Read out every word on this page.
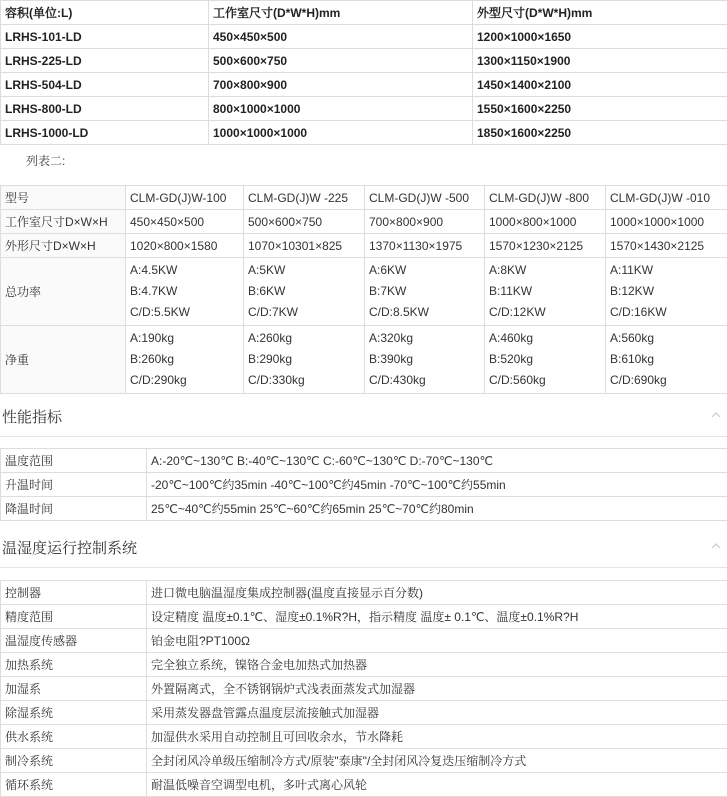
容积(单位:L)	工作室尺寸(D*W*H)mm	外型尺寸(D*W*H)mm
LRHS-101-LD	450×450×500	1200×1000×1650
LRHS-225-LD	500×600×750	1300×1150×1900
LRHS-504-LD	700×800×900	1450×1400×2100
LRHS-800-LD	800×1000×1000	1550×1600×2250
LRHS-1000-LD	1000×1000×1000	1850×1600×2250
列表二:
型号	CLM-GD(J)W-100	CLM-GD(J)W -225	CLM-GD(J)W -500	CLM-GD(J)W -800	CLM-GD(J)W -010
工作室尺寸D×W×H	450×450×500	500×600×750	700×800×900	1000×800×1000	1000×1000×1000
外形尺寸D×W×H	1020×800×1580	1070×10301×825	1370×1130×1975	1570×1230×2125	1570×1430×2125
总功率	A:4.5KW
B:4.7KW
C/D:5.5KW	A:5KW
B:6KW
C/D:7KW	A:6KW
B:7KW
C/D:8.5KW	A:8KW
B:11KW
C/D:12KW	A:11KW
B:12KW
C/D:16KW

净重	A:190kg
B:260kg
C/D:290kg	A:260kg
B:290kg
C/D:330kg	A:320kg
B:390kg
C/D:430kg	A:460kg
B:520kg
C/D:560kg	A:560kg
B:610kg
C/D:690kg
性能指标
温度范围	A:-20℃~130℃ B:-40℃~130℃ C:-60℃~130℃ D:-70℃~130℃
升温时间	-20℃~100℃约35min -40℃~100℃约45min -70℃~100℃约55min
降温时间	25℃~40℃约55min 25℃~60℃约65min 25℃~70℃约80min
温湿度运行控制系统
控制器	进口微电脑温湿度集成控制器(温度直接显示百分数)
精度范围	设定精度 温度±0.1℃、湿度±0.1%R?H，指示精度 温度± 0.1℃、温度±0.1%R?H
温湿度传感器	铂金电阻?PT100Ω
加热系统	完全独立系统，镍铬合金电加热式加热器
加湿系	外置隔离式，全不锈钢锅炉式浅表面蒸发式加湿器
除湿系统	采用蒸发器盘管露点温度层流接触式加湿器
供水系统	加湿供水采用自动控制且可回收余水，节水降耗
制冷系统	全封闭风冷单级压缩制冷方式/原装"泰康"/全封闭风冷复迭压缩制冷方式
循环系统	耐温低噪音空调型电机，多叶式离心风轮
